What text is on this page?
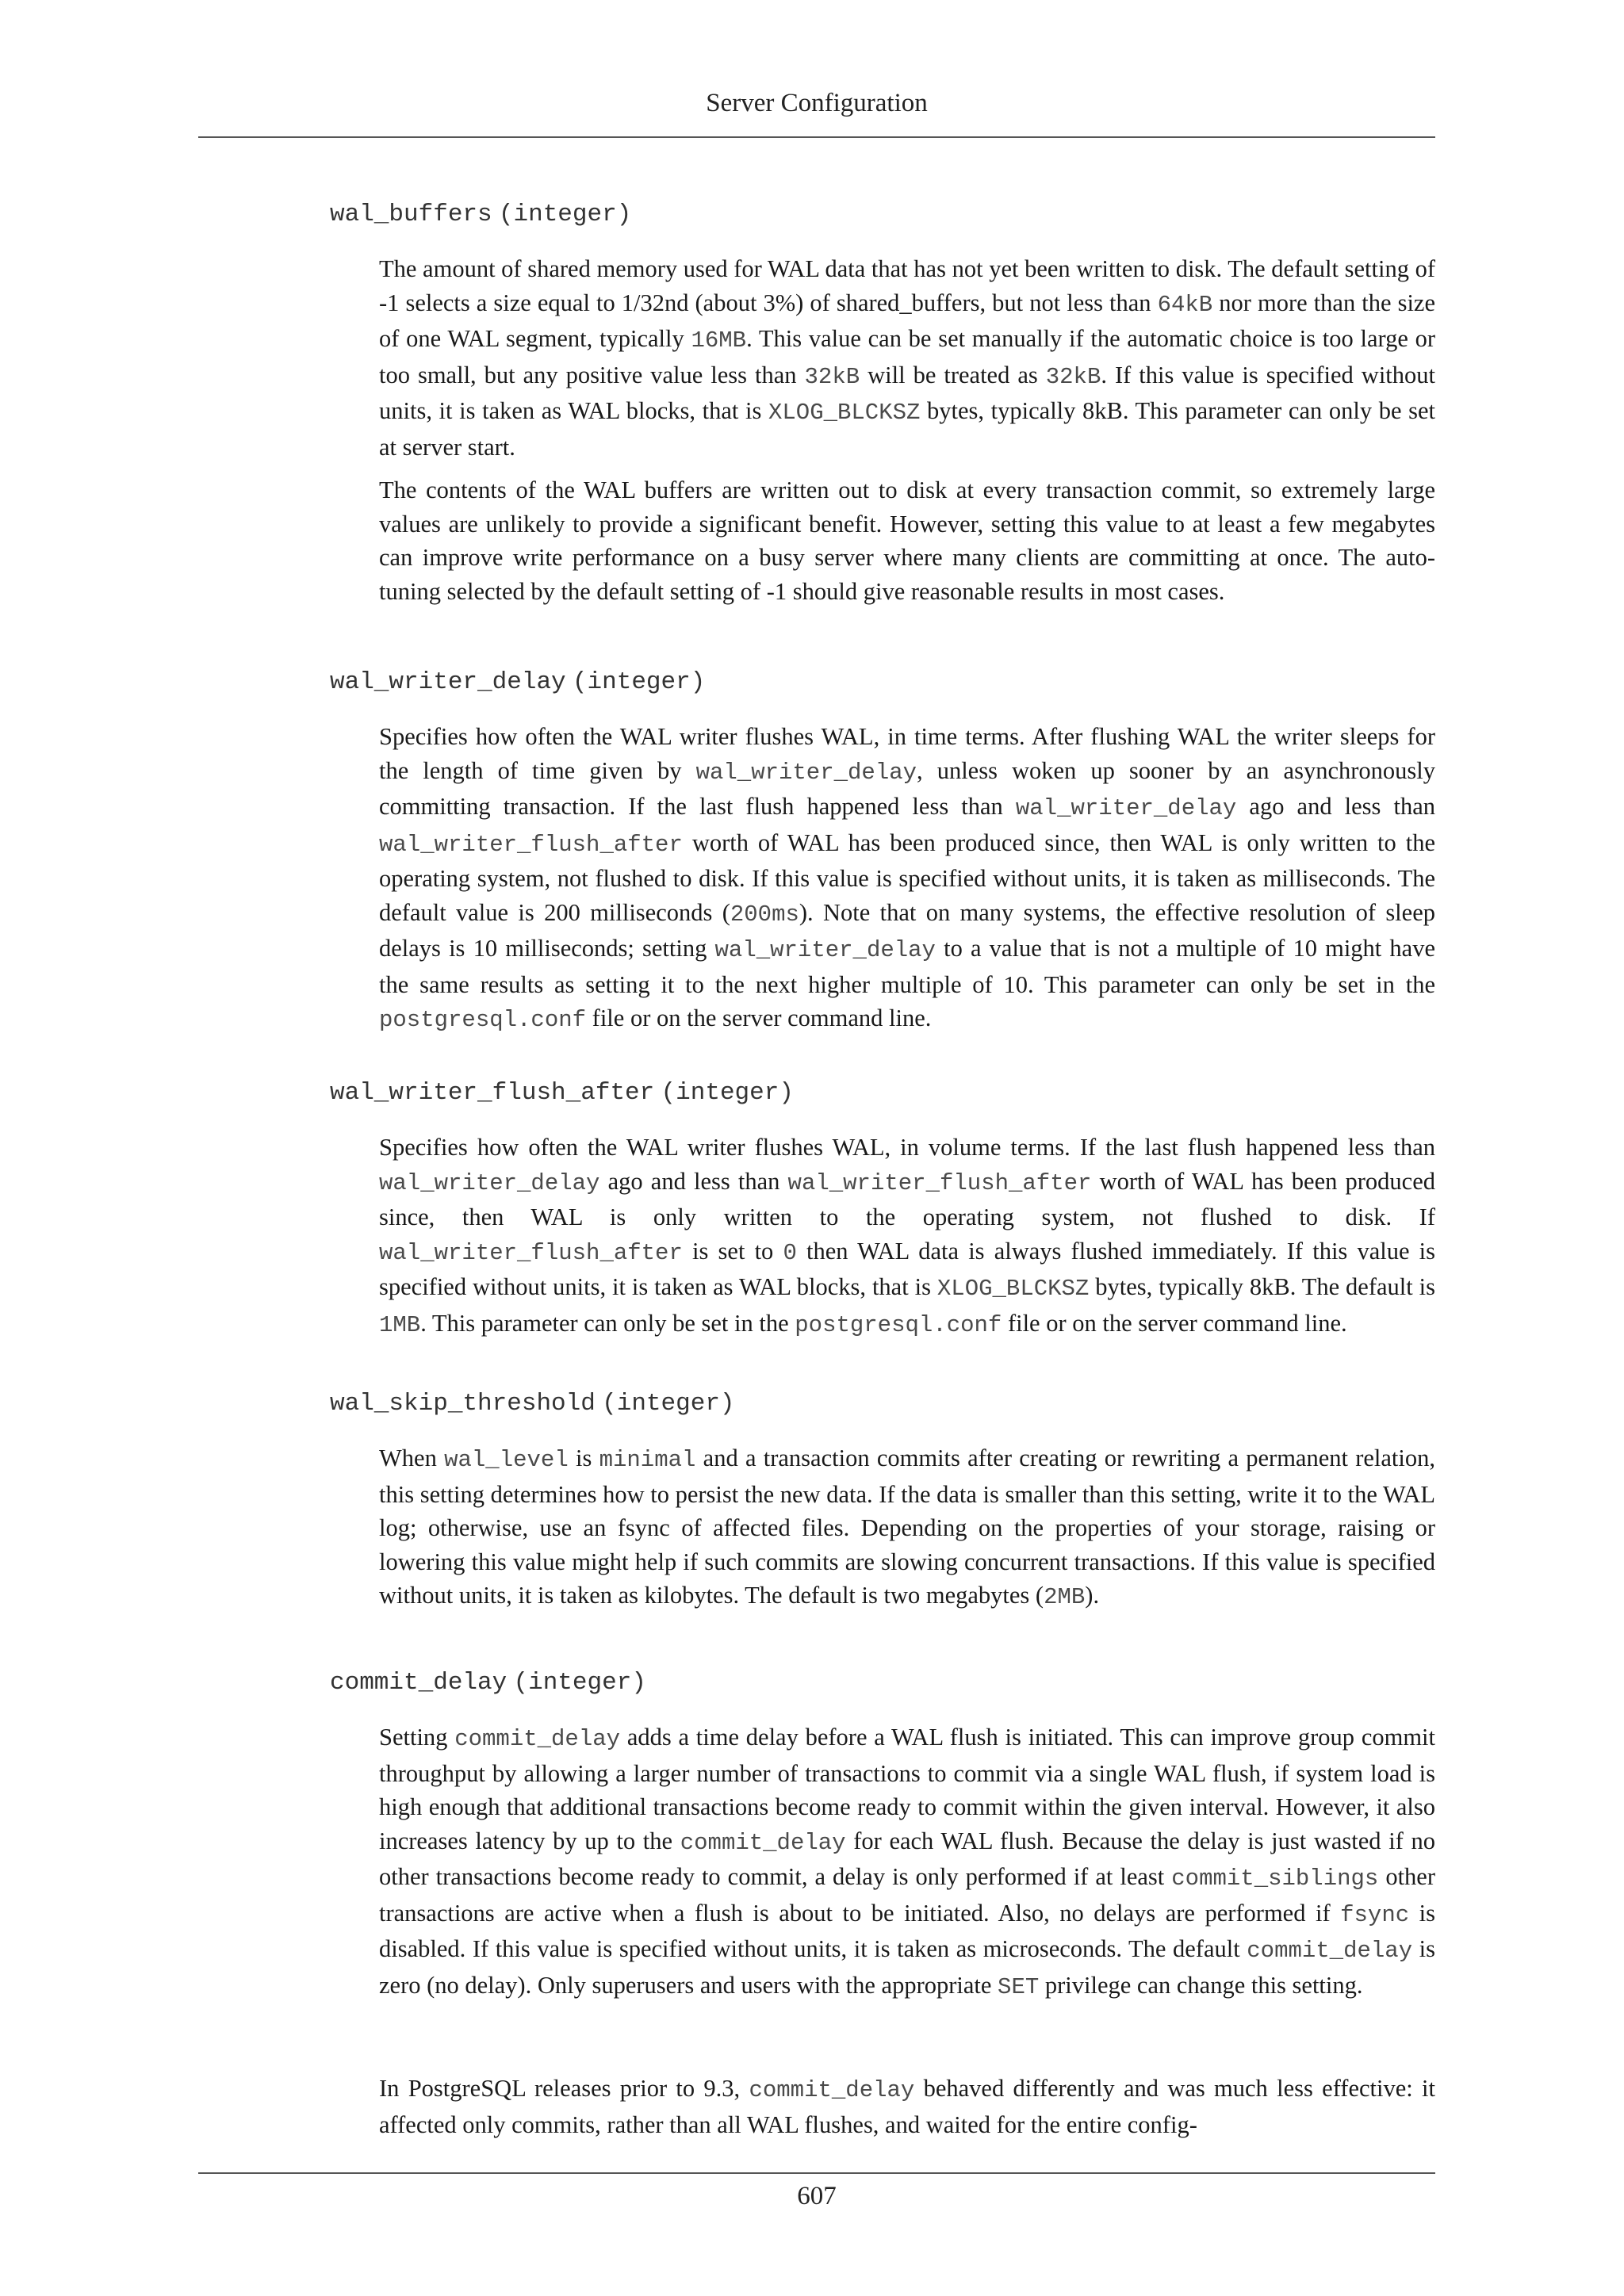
Server Configuration
wal_buffers (integer)

The amount of shared memory used for WAL data that has not yet been written to disk. The default setting of -1 selects a size equal to 1/32nd (about 3%) of shared_buffers, but not less than 64kB nor more than the size of one WAL segment, typically 16MB. This value can be set manually if the automatic choice is too large or too small, but any positive value less than 32kB will be treated as 32kB. If this value is specified without units, it is taken as WAL blocks, that is XLOG_BLCKSZ bytes, typically 8kB. This parameter can only be set at server start.

The contents of the WAL buffers are written out to disk at every transaction commit, so extremely large values are unlikely to provide a significant benefit. However, setting this value to at least a few megabytes can improve write performance on a busy server where many clients are committing at once. The auto-tuning selected by the default setting of -1 should give reasonable results in most cases.

wal_writer_delay (integer)

Specifies how often the WAL writer flushes WAL, in time terms. After flushing WAL the writer sleeps for the length of time given by wal_writer_delay, unless woken up sooner by an asynchronously committing transaction. If the last flush happened less than wal_writer_delay ago and less than wal_writer_flush_after worth of WAL has been produced since, then WAL is only written to the operating system, not flushed to disk. If this value is specified without units, it is taken as milliseconds. The default value is 200 milliseconds (200ms). Note that on many systems, the effective resolution of sleep delays is 10 milliseconds; setting wal_writer_delay to a value that is not a multiple of 10 might have the same results as setting it to the next higher multiple of 10. This parameter can only be set in the postgresql.conf file or on the server command line.

wal_writer_flush_after (integer)

Specifies how often the WAL writer flushes WAL, in volume terms. If the last flush happened less than wal_writer_delay ago and less than wal_writer_flush_after worth of WAL has been produced since, then WAL is only written to the operating system, not flushed to disk. If wal_writer_flush_after is set to 0 then WAL data is always flushed immediately. If this value is specified without units, it is taken as WAL blocks, that is XLOG_BLCKSZ bytes, typically 8kB. The default is 1MB. This parameter can only be set in the postgresql.conf file or on the server command line.

wal_skip_threshold (integer)

When wal_level is minimal and a transaction commits after creating or rewriting a permanent relation, this setting determines how to persist the new data. If the data is smaller than this setting, write it to the WAL log; otherwise, use an fsync of affected files. Depending on the properties of your storage, raising or lowering this value might help if such commits are slowing concurrent transactions. If this value is specified without units, it is taken as kilobytes. The default is two megabytes (2MB).

commit_delay (integer)

Setting commit_delay adds a time delay before a WAL flush is initiated. This can improve group commit throughput by allowing a larger number of transactions to commit via a single WAL flush, if system load is high enough that additional transactions become ready to commit within the given interval. However, it also increases latency by up to the commit_delay for each WAL flush. Because the delay is just wasted if no other transactions become ready to commit, a delay is only performed if at least commit_siblings other transactions are active when a flush is about to be initiated. Also, no delays are performed if fsync is disabled. If this value is specified without units, it is taken as microseconds. The default commit_delay is zero (no delay). Only superusers and users with the appropriate SET privilege can change this setting.

In PostgreSQL releases prior to 9.3, commit_delay behaved differently and was much less effective: it affected only commits, rather than all WAL flushes, and waited for the entire config-

607
